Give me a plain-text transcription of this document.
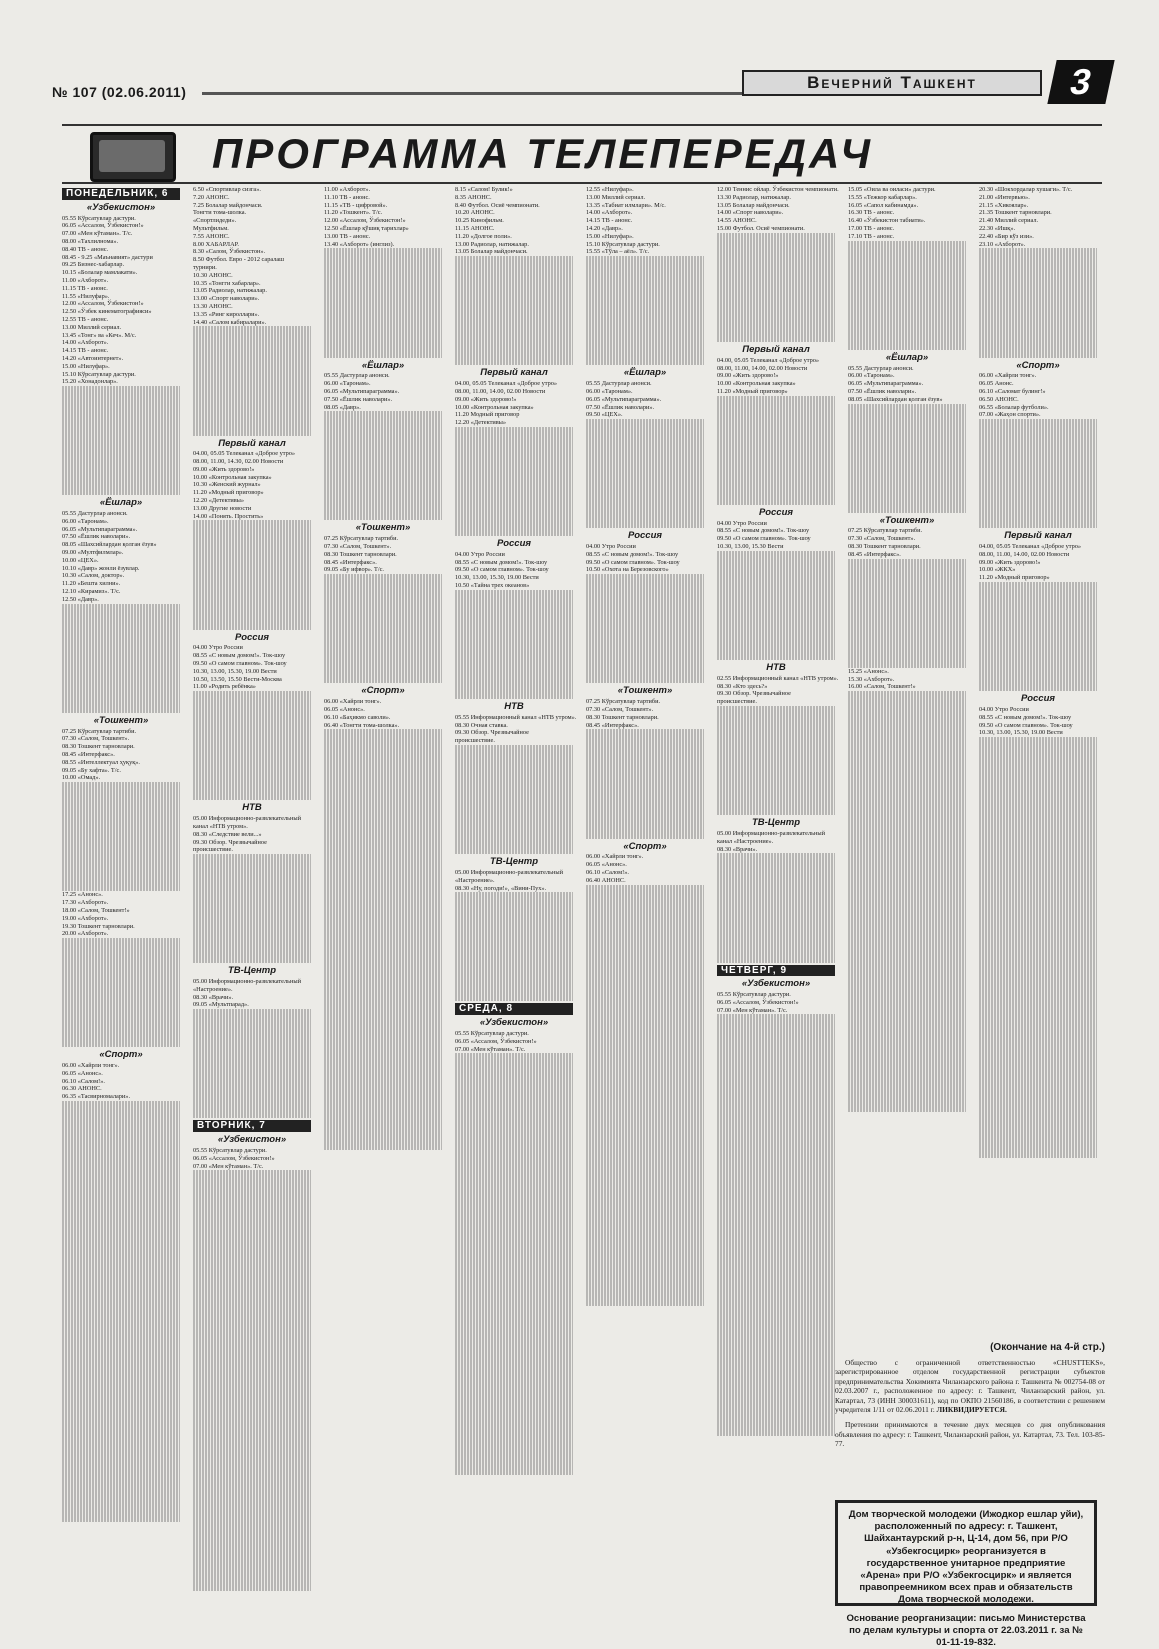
№ 107 (02.06.2011)	Вечерний Ташкент	3
ПРОГРАММА ТЕЛЕПЕРЕДАЧ
ПОНЕДЕЛЬНИК, 6
«Узбекистон»
05.55 Кўрсатувлар дастури.
06.05 «Ассалом, Ўзбекистон!»
07.00 «Мен кўтаман». Т/с.
08.00 «Тахлилнома».
08.40 ТВ - анонс.
08.45 - 9.25 «Маънавият» дастури
09.25 Бизнес-хабарлар.
10.15 «Болалар мамлакати».
11.00 «Ахборот».
11.15 ТВ - анонс.
11.55 «Нилуфар».
12.00 «Ассалом, Ўзбекистон!»
12.50 «Ўзбек кинематографияси»
12.55 ТВ - анонс.
13.00 Миллий сериал.
13.45 «Тонг» ва «Кеч». М/с.
14.00 «Ахборот».
14.15 ТВ - анонс.
14.20 «Автоинтернет».
15.00 «Нилуфар».
15.10 Кўрсатувлар дастури.
15.20 «Хонадонлар».
«Ёшлар»
05.55 Дастурлар анонси.
06.00 «Таронам».
06.05 «Мультипараграмма».
07.50 «Ёшлик наволари».
08.05 «Шахсийлардан қолган ёзув»
09.00 «Мултфилмлар».
10.00 «ЦЕХ».
10.10 «Давр» жонли ёзувлар.
10.30 «Салом, доктор».
11.20 «Бешта хилни».
12.10 «Кирамиз». Т/с.
12.50 «Давр».
«Тошкент»
07.25 Кўрсатувлар тартиби.
07.30 «Салом, Тошкент».
08.30 Тошкент тарновлари.
08.45 «Интерфакс».
08.55 «Интеллектуал ҳуқуқ».
09.05 «Бу хафта». Т/с.
10.00 «Омад».
17.25 «Анонс».
17.30 «Ахборот».
18.00 «Салом, Тошкент!»
19.00 «Ахборот».
19.30 Тошкент тарновлари.
20.00 «Ахборот».
«Спорт»
06.00 «Хайрли тонг».
06.05 «Анонс».
06.10 «Салом!».
06.30 АНОНС.
06.35 «Тасвирномалари».
6.50 «Спортивлар сизга».
7.20 АНОНС.
7.25 Болалар майдончаси.
Тонгти тома-шолка.
«Спортлидеди».
Мультфильм.
7.55 АНОНС.
8.00 ХАБАРЛАР.
8.30 «Салом, Ўзбекистон».
8.50 Футбол. Евро - 2012 саралаш
турнири.
10.30 АНОНС.
10.35 «Тонгги хабарлар».
13.05 Радиолар, натижалар.
13.00 «Спорт наволари».
13.30 АНОНС.
13.35 «Ринг кироллари».
14.40 «Салом кабиралари».
Первый канал
04.00, 05.05 Телеканал «Доброе утро»
08.00, 11.00, 14.30, 02.00 Новости
09.00 «Жить здорово!»
10.00 «Контрольная закупка»
10.30 «Женский журнал»
11.20 «Модный приговор»
12.20 «Детективы»
13.00 Другие новости
14.00 «Понять. Простить»
Россия
04.00 Утро России
08.55 «С новым домом!». Ток-шоу
09.50 «О самом главном». Ток-шоу
10.30, 13.00, 15.30, 19.00 Вести
10.50, 13.50, 15.50 Вести-Москва
11.00 «Родить ребёнка»
НТВ
05.00 Информационно-развлекательный
канал «НТВ утром».
08.30 «Следствие вели...»
09.30 Обзор. Чрезвычайное
происшествие.
ТВ-Центр
05.00 Информационно-развлекательный
«Настроение».
08.30 «Врачи».
09.05 «Мультпарад».
ВТОРНИК, 7
«Узбекистон»
05.55 Кўрсатувлар дастури.
06.05 «Ассалом, Ўзбекистон!»
07.00 «Мен кўтаман». Т/с.
11.00 «Ахборот».
11.10 ТВ - анонс.
11.15 «ТВ - цифровой».
11.20 «Тошкент». Т/с.
12.00 «Ассалом, Ўзбекистон!»
12.50 «Ёшлар қўшиқ тарихлар»
13.00 ТВ - анонс.
13.40 «Ахборот» (инглиз).
«Ёшлар»
05.55 Дастурлар анонси.
06.00 «Таронам».
06.05 «Мультипараграмма».
07.50 «Ёшлик наволари».
08.05 «Давр».
«Тошкент»
07.25 Кўрсатувлар тартиби.
07.30 «Салом, Тошкент».
08.30 Тошкент тарновлари.
08.45 «Интерфакс».
09.05 «Бу ифвор». Т/с.
«Спорт»
06.00 «Хайрли тонг».
06.05 «Анонс».
06.10 «Баҳикмо саволи».
06.40 «Тонгти тома-шолка».
8.15 «Салом! Булик!»
8.35 АНОНС.
8.40 Футбол. Осиё чемпионати.
10.20 АНОНС.
10.25 Кинофильм.
11.15 АНОНС.
11.20 «Долгое поли».
13.00 Радиолар, натижалар.
13.05 Болалар майдончаси.
Первый канал
04.00, 05.05 Телеканал «Доброе утро»
08.00, 11.00, 14.00, 02.00 Новости
09.00 «Жить здорово!»
10.00 «Контрольная закупка»
11.20 Модный приговор
12.20 «Детективы»
Россия
04.00 Утро России
08.55 «С новым домом!». Ток-шоу
09.50 «О самом главном». Ток-шоу
10.30, 13.00, 15.30, 19.00 Вести
10.50 «Тайна трех океанов»
НТВ
05.55 Информационный канал «НТВ утром».
08.30 Очная ставка.
09.30 Обзор. Чрезвычайное
происшествие.
ТВ-Центр
05.00 Информационно-развлекательный
«Настроение».
08.30 «Ну, погоди!», «Вини-Пух».
СРЕДА, 8
«Узбекистон»
05.55 Кўрсатувлар дастури.
06.05 «Ассалом, Ўзбекистон!»
07.00 «Мен кўтаман». Т/с.
12.55 «Нилуфар».
13.00 Миллий сериал.
13.35 «Табиат илмлари». М/с.
14.00 «Ахборот».
14.15 ТВ - анонс.
14.20 «Давр».
15.00 «Нилуфар».
15.10 Кўрсатувлар дастури.
15.55 «Тўла – аёл». Т/с.
«Ёшлар»
05.55 Дастурлар анонси.
06.00 «Таронам».
06.05 «Мультипараграмма».
07.50 «Ёшлик наволари».
09.50 «ЦЕХ».
Россия
04.00 Утро России
08.55 «С новым домом!». Ток-шоу
09.50 «О самом главном». Ток-шоу
10.50 «Охота на Березовского»
«Тошкент»
07.25 Кўрсатувлар тартиби.
07.30 «Салом, Тошкент».
08.30 Тошкент тарновлари.
08.45 «Интерфакс».
«Спорт»
06.00 «Хайрли тонг».
06.05 «Анонс».
06.10 «Салом!».
06.40 АНОНС.
12.00 Теннис ойлар. Ўзбекистон чемпионати.
13.30 Радиолар, натижалар.
13.05 Болалар майдончаси.
14.00 «Спорт наволари».
14.55 АНОНС.
15.00 Футбол. Осиё чемпионати.
Первый канал
04.00, 05.05 Телеканал «Доброе утро»
08.00, 11.00, 14.00, 02.00 Новости
09.00 «Жить здорово!»
10.00 «Контрольная закупка»
11.20 «Модный приговор»
Россия
04.00 Утро России
08.55 «С новым домом!». Ток-шоу
09.50 «О самом главном». Ток-шоу
10.30, 13.00, 15.30 Вести
НТВ
02.55 Информационный канал «НТВ утром».
08.30 «Кто здесь?»
09.30 Обзор. Чрезвычайное
происшествие.
ТВ-Центр
05.00 Информационно-развлекательный
канал «Настроение».
08.30 «Врачи».
ЧЕТВЕРГ, 9
«Узбекистон»
05.55 Кўрсатувлар дастури.
06.05 «Ассалом, Ўзбекистон!»
07.00 «Мен кўтаман». Т/с.
15.05 «Оила ва оиласи» дастури.
15.55 «Тежкор кабарлар».
16.05 «Сапол кабинамда».
16.30 ТВ - анонс.
16.40 «Ўзбекистон табиати».
17.00 ТВ - анонс.
17.10 ТВ - анонс.
«Ёшлар»
05.55 Дастурлар анонси.
06.00 «Таронам».
06.05 «Мультипараграмма».
07.50 «Ёшлик наволари».
08.05 «Шахсийлардан қолган ёзув»
«Тошкент»
07.25 Кўрсатувлар тартиби.
07.30 «Салом, Тошкент».
08.30 Тошкент тарновлари.
08.45 «Интерфакс».
15.25 «Анонс».
15.30 «Ахборот».
16.00 «Салом, Тошкент!»
20.30 «Шокхордалар хушаги». Т/с.
21.00 «Интервью».
21.15 «Хикоялар».
21.35 Тошкент тарновлари.
21.40 Миллий сериал.
22.30 «Ишқ».
22.40 «Бир кўз изи».
23.10 «Ахборот».
«Спорт»
06.00 «Хайрли тонг».
06.05 Анонс.
06.10 «Саломат булинг!»
06.50 АНОНС.
06.55 «Болалар футболи».
07.00 «Жаҳон спорти».
Первый канал
04.00, 05.05 Телеканал «Доброе утро»
08.00, 11.00, 14.00, 02.00 Новости
09.00 «Жить здорово!»
10.00 «ЖКХ»
11.20 «Модный приговор»
Россия
04.00 Утро России
08.55 «С новым домом!». Ток-шоу
09.50 «О самом главном». Ток-шоу
10.30, 13.00, 15.30, 19.00 Вести
(Окончание на 4-й стр.)

Общество с ограниченной ответственностью «CHUSTTEKS», зарегистрированное отделом государственной регистрации субъектов предпринимательства Хокимията Чиланзарского района г. Ташкента № 002754-08 от 02.03.2007 г., расположенное по адресу: г. Ташкент, Чиланзарский район, ул. Катартал, 73 (ИНН 300031611), код по ОКПО 21560186, в соответствии с решением учредителя 1/11 от 02.06.2011 г. ЛИКВИДИРУЕТСЯ.

Претензии принимаются в течение двух месяцев со дня опубликования объявления по адресу: г. Ташкент, Чиланзарский район, ул. Катартал, 73. Тел. 103-85-77.

Дом творческой молодежи (Ижодкор ешлар уйи), расположенный по адресу: г. Ташкент, Шайхантаурский р-н, Ц-14, дом 56, при Р/О «Узбекгосцирк» реорганизуется в государственное унитарное предприятие «Арена» при Р/О «Узбекгосцирк» и является правопреемником всех прав и обязательств Дома творческой молодежи.

Основание реорганизации: письмо Министерства по делам культуры и спорта от 22.03.2011 г. за № 01-11-19-832.
